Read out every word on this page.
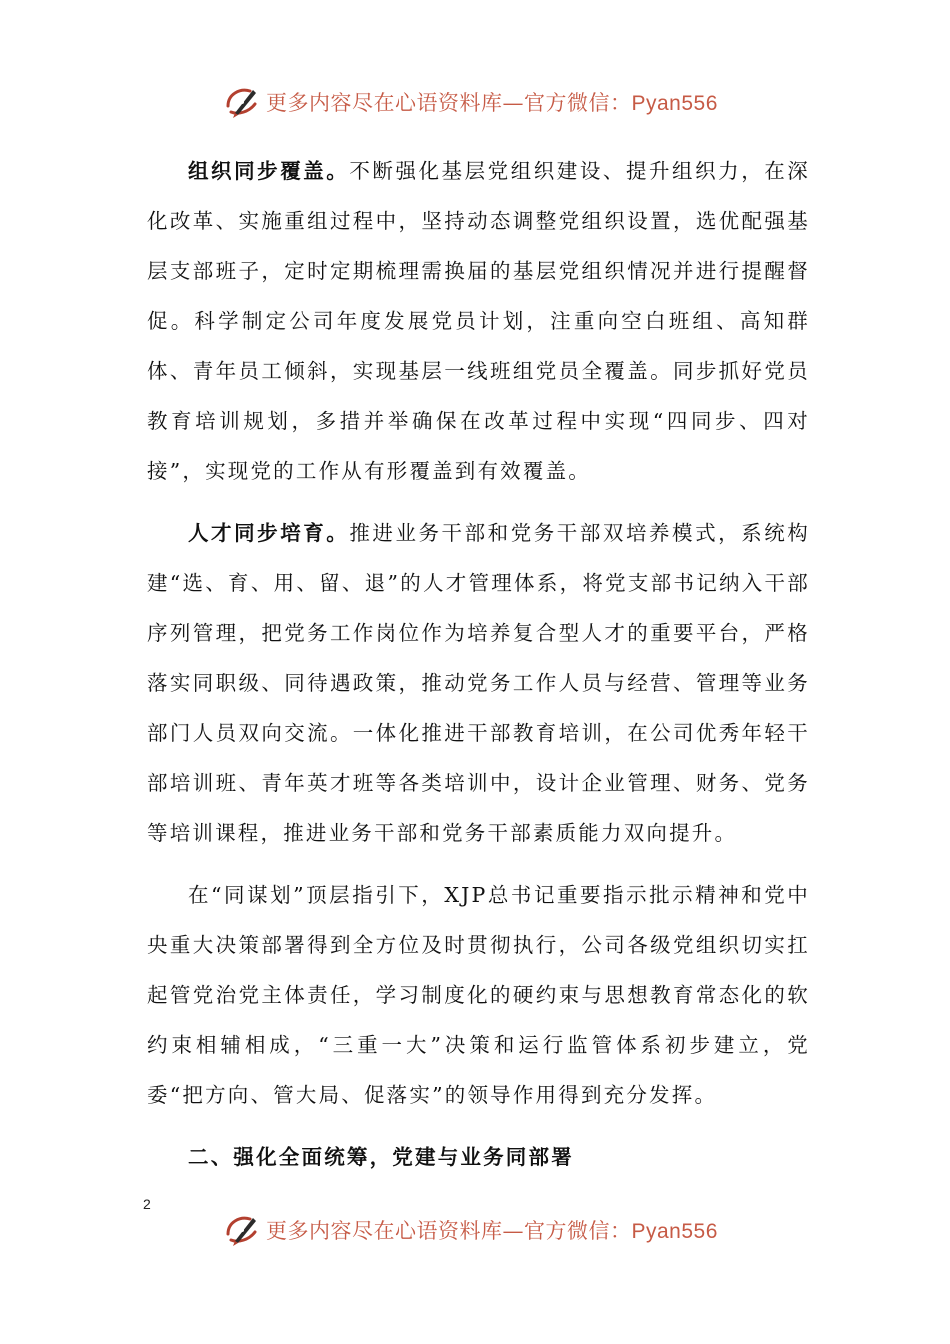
更多内容尽在心语资料库—官方微信：Pyan556

组织同步覆盖。不断强化基层党组织建设、提升组织力，在深化改革、实施重组过程中，坚持动态调整党组织设置，选优配强基层支部班子，定时定期梳理需换届的基层党组织情况并进行提醒督促。科学制定公司年度发展党员计划，注重向空白班组、高知群体、青年员工倾斜，实现基层一线班组党员全覆盖。同步抓好党员教育培训规划，多措并举确保在改革过程中实现“四同步、四对接”，实现党的工作从有形覆盖到有效覆盖。

人才同步培育。推进业务干部和党务干部双培养模式，系统构建“选、育、用、留、退”的人才管理体系，将党支部书记纳入干部序列管理，把党务工作岗位作为培养复合型人才的重要平台，严格落实同职级、同待遇政策，推动党务工作人员与经营、管理等业务部门人员双向交流。一体化推进干部教育培训，在公司优秀年轻干部培训班、青年英才班等各类培训中，设计企业管理、财务、党务等培训课程，推进业务干部和党务干部素质能力双向提升。

在“同谋划”顶层指引下，XJP总书记重要指示批示精神和党中央重大决策部署得到全方位及时贯彻执行，公司各级党组织切实扛起管党治党主体责任，学习制度化的硬约束与思想教育常态化的软约束相辅相成，“三重一大”决策和运行监管体系初步建立，党委“把方向、管大局、促落实”的领导作用得到充分发挥。

二、强化全面统筹，党建与业务同部署

2
更多内容尽在心语资料库—官方微信：Pyan556
